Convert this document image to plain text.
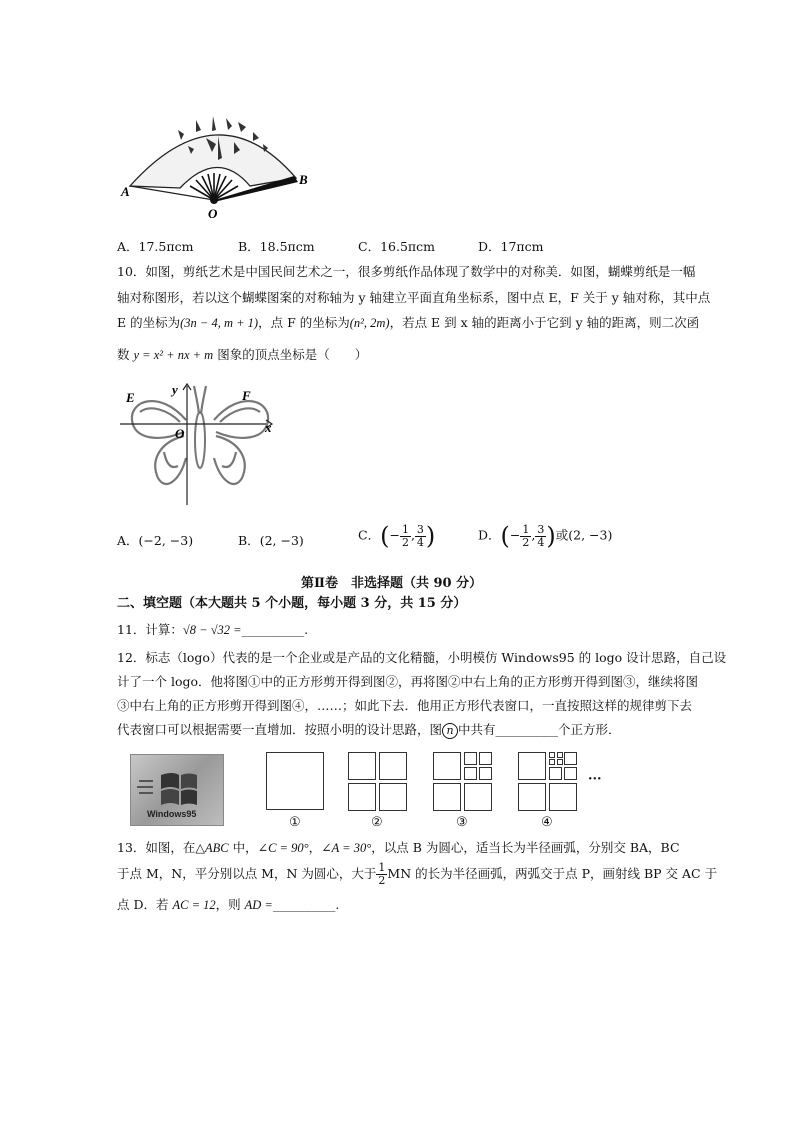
A
B
O
A．17.5πcm	B．18.5πcm	C．16.5πcm	D．17πcm
10．如图，剪纸艺术是中国民间艺术之一，很多剪纸作品体现了数学中的对称美．如图，蝴蝶剪纸是一幅
轴对称图形，若以这个蝴蝶图案的对称轴为 y 轴建立平面直角坐标系，图中点 E，F 关于 y 轴对称，其中点
E 的坐标为(3n − 4, m + 1)，点 F 的坐标为(n², 2m)，若点 E 到 x 轴的距离小于它到 y 轴的距离，则二次函
数 y = x² + nx + m 图象的顶点坐标是（　　）
E	F
O	x
y
A．(−2, −3)	B．(2, −3)	C．(− $\frac{1}{2}$ , $\frac{3}{4}$ )	D．(− $\frac{1}{2}$ , $\frac{3}{4}$ )或(2, −3)
第Ⅱ卷　非选择题（共 90 分）
二、填空题（本大题共 5 个小题，每小题 3 分，共 15 分）
11．计算：√8 − √32 =__________.
12．标志（logo）代表的是一个企业或是产品的文化精髓，小明模仿 Windows95 的 logo 设计思路，自己设
计了一个 logo．他将图①中的正方形剪开得到图②，再将图②中右上角的正方形剪开得到图③，继续将图
③中右上角的正方形剪开得到图④，……；如此下去．他用正方形代表窗口，一直按照这样的规律剪下去
代表窗口可以根据需要一直增加．按照小明的设计思路，图 n 中共有__________个正方形．
Windows95
···
①	②	③	④
13．如图，在△ABC 中，∠C = 90°，∠A = 30°，以点 B 为圆心，适当长为半径画弧，分别交 BA，BC
于点 M，N，平分别以点 M，N 为圆心，大于 $\frac{1}{2}$ MN 的长为半径画弧，两弧交于点 P，画射线 BP 交 AC 于
点 D．若 AC = 12，则 AD =__________.
